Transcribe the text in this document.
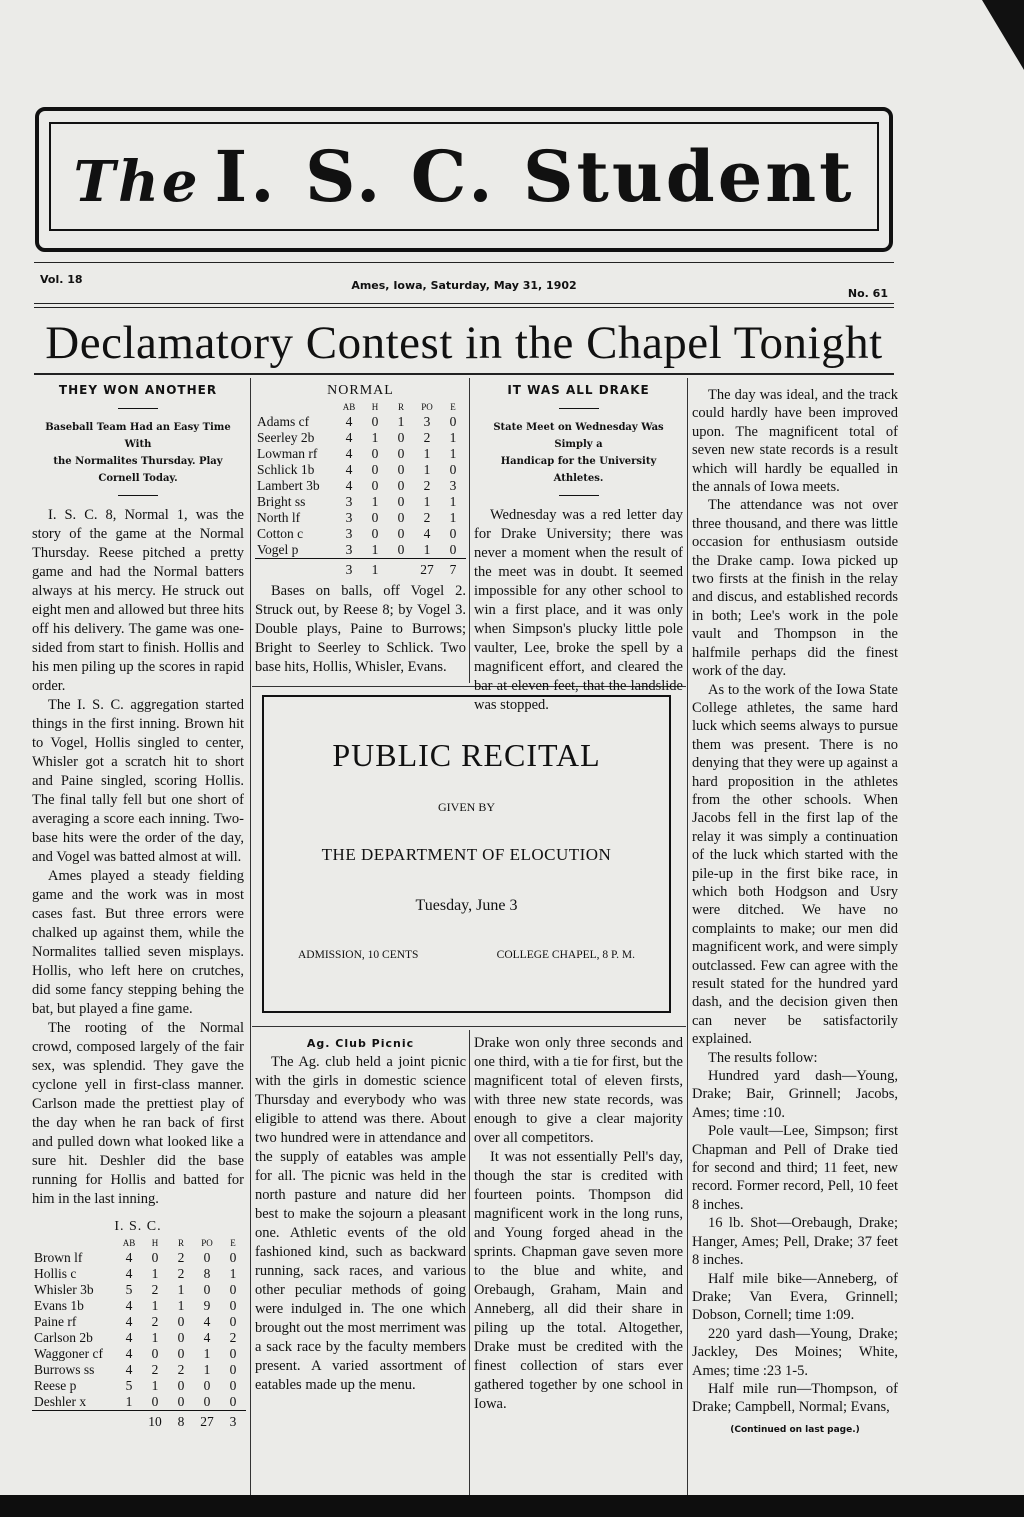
The I. S. C. Student
Vol. 18	Ames, Iowa, Saturday, May 31, 1902
No. 61
Declamatory Contest in the Chapel Tonight
THEY WON ANOTHER
Baseball Team Had an Easy Time With
the Normalites Thursday. Play
Cornell Today.

I. S. C. 8, Normal 1, was the story of the game at the Normal Thursday. Reese pitched a pretty game and had the Normal batters always at his mercy. He struck out eight men and allowed but three hits off his delivery. The game was one-sided from start to finish. Hollis and his men piling up the scores in rapid order.

The I. S. C. aggregation started things in the first inning. Brown hit to Vogel, Hollis singled to center, Whisler got a scratch hit to short and Paine singled, scoring Hollis. The final tally fell but one short of averaging a score each inning. Two-base hits were the order of the day, and Vogel was batted almost at will.

Ames played a steady fielding game and the work was in most cases fast. But three errors were chalked up against them, while the Normalites tallied seven misplays. Hollis, who left here on crutches, did some fancy stepping behing the bat, but played a fine game.

The rooting of the Normal crowd, composed largely of the fair sex, was splendid. They gave the cyclone yell in first-class manner. Carlson made the prettiest play of the day when he ran back of first and pulled down what looked like a sure hit. Deshler did the base running for Hollis and batted for him in the last inning.

I. S. C.
	AB	H	R	PO	E
Brown lf	4	0	2	0	0
Hollis c	4	1	2	8	1
Whisler 3b	5	2	1	0	0
Evans 1b	4	1	1	9	0
Paine rf	4	2	0	4	0
Carlson 2b	4	1	0	4	2
Waggoner cf	4	0	0	1	0
Burrows ss	4	2	2	1	0
Reese p	5	1	0	0	0
Deshler x	1	0	0	0	0
		10	8	27	3
NORMAL
	AB	H	R	PO	E
Adams cf	4	0	1	3	0
Seerley 2b	4	1	0	2	1
Lowman rf	4	0	0	1	1
Schlick 1b	4	0	0	1	0
Lambert 3b	4	0	0	2	3
Bright ss	3	1	0	1	1
North lf	3	0	0	2	1
Cotton c	3	0	0	4	0
Vogel p	3	1	0	1	0
	3	1		27	7

Bases on balls, off Vogel 2. Struck out, by Reese 8; by Vogel 3. Double plays, Paine to Burrows; Bright to Seerley to Schlick. Two base hits, Hollis, Whisler, Evans.

IT WAS ALL DRAKE
State Meet on Wednesday Was Simply a
Handicap for the University
Athletes.

Wednesday was a red letter day for Drake University; there was never a moment when the result of the meet was in doubt. It seemed impossible for any other school to win a first place, and it was only when Simpson's plucky little pole vaulter, Lee, broke the spell by a magnificent effort, and cleared the bar at eleven feet, that the landslide was stopped.

PUBLIC RECITAL
GIVEN BY
THE DEPARTMENT OF ELOCUTION
Tuesday, June 3
ADMISSION, 10 CENTS	COLLEGE CHAPEL, 8 P. M.
Ag. Club Picnic

The Ag. club held a joint picnic with the girls in domestic science Thursday and everybody who was eligible to attend was there. About two hundred were in attendance and the supply of eatables was ample for all. The picnic was held in the north pasture and nature did her best to make the sojourn a pleasant one. Athletic events of the old fashioned kind, such as backward running, sack races, and various other peculiar methods of going were indulged in. The one which brought out the most merriment was a sack race by the faculty members present. A varied assortment of eatables made up the menu.

Drake won only three seconds and one third, with a tie for first, but the magnificent total of eleven firsts, with three new state records, was enough to give a clear majority over all competitors.

It was not essentially Pell's day, though the star is credited with fourteen points. Thompson did magnificent work in the long runs, and Young forged ahead in the sprints. Chapman gave seven more to the blue and white, and Orebaugh, Graham, Main and Anneberg, all did their share in piling up the total. Altogether, Drake must be credited with the finest collection of stars ever gathered together by one school in Iowa.

The day was ideal, and the track could hardly have been improved upon. The magnificent total of seven new state records is a result which will hardly be equalled in the annals of Iowa meets.

The attendance was not over three thousand, and there was little occasion for enthusiasm outside the Drake camp. Iowa picked up two firsts at the finish in the relay and discus, and established records in both; Lee's work in the pole vault and Thompson in the halfmile perhaps did the finest work of the day.

As to the work of the Iowa State College athletes, the same hard luck which seems always to pursue them was present. There is no denying that they were up against a hard proposition in the athletes from the other schools. When Jacobs fell in the first lap of the relay it was simply a continuation of the luck which started with the pile-up in the first bike race, in which both Hodgson and Usry were ditched. We have no complaints to make; our men did magnificent work, and were simply outclassed. Few can agree with the result stated for the hundred yard dash, and the decision given then can never be satisfactorily explained.

The results follow:

Hundred yard dash—Young, Drake; Bair, Grinnell; Jacobs, Ames; time :10.

Pole vault—Lee, Simpson; first Chapman and Pell of Drake tied for second and third; 11 feet, new record. Former record, Pell, 10 feet 8 inches.

16 lb. Shot—Orebaugh, Drake; Hanger, Ames; Pell, Drake; 37 feet 8 inches.

Half mile bike—Anneberg, of Drake; Van Evera, Grinnell; Dobson, Cornell; time 1:09.

220 yard dash—Young, Drake; Jackley, Des Moines; White, Ames; time :23 1-5.

Half mile run—Thompson, of Drake; Campbell, Normal; Evans,

(Continued on last page.)
